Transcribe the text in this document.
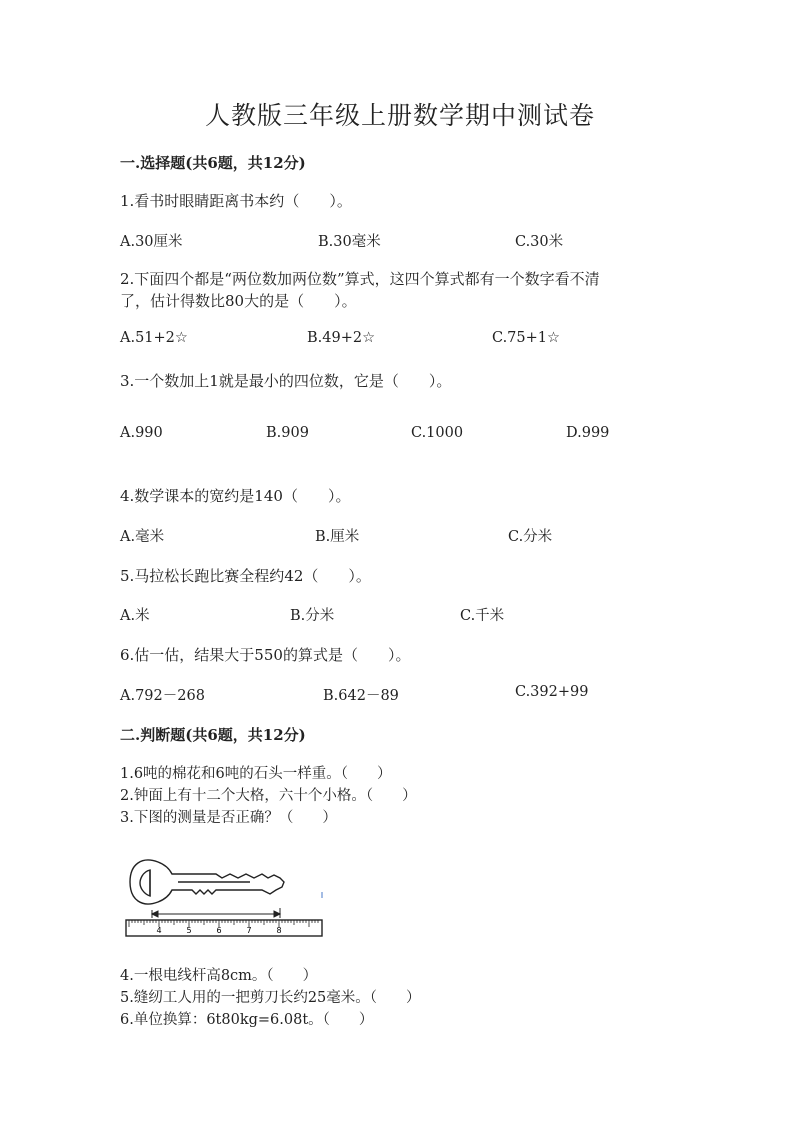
人教版三年级上册数学期中测试卷
一.选择题(共6题，共12分)
1.看书时眼睛距离书本约（　　）。
A.30厘米	B.30毫米	C.30米
2.下面四个都是“两位数加两位数”算式，这四个算式都有一个数字看不清
了，估计得数比80大的是（　　）。
A.51+2☆	B.49+2☆	C.75+1☆
3.一个数加上1就是最小的四位数，它是（　　）。
A.990	B.909	C.1000	D.999
4.数学课本的宽约是140（　　）。
A.毫米	B.厘米	C.分米
5.马拉松长跑比赛全程约42（　　）。
A.米	B.分米	C.千米
6.估一估，结果大于550的算式是（　　）。
A.792－268	B.642－89	C.392+99
二.判断题(共6题，共12分)
1.6吨的棉花和6吨的石头一样重。（　　）
2.钟面上有十二个大格，六十个小格。（　　）
3.下图的测量是否正确？（　　）
4	5	6	7	8
4.一根电线杆高8cm。（　　）
5.缝纫工人用的一把剪刀长约25毫米。（　　）
6.单位换算：6t80kg=6.08t。（　　）
